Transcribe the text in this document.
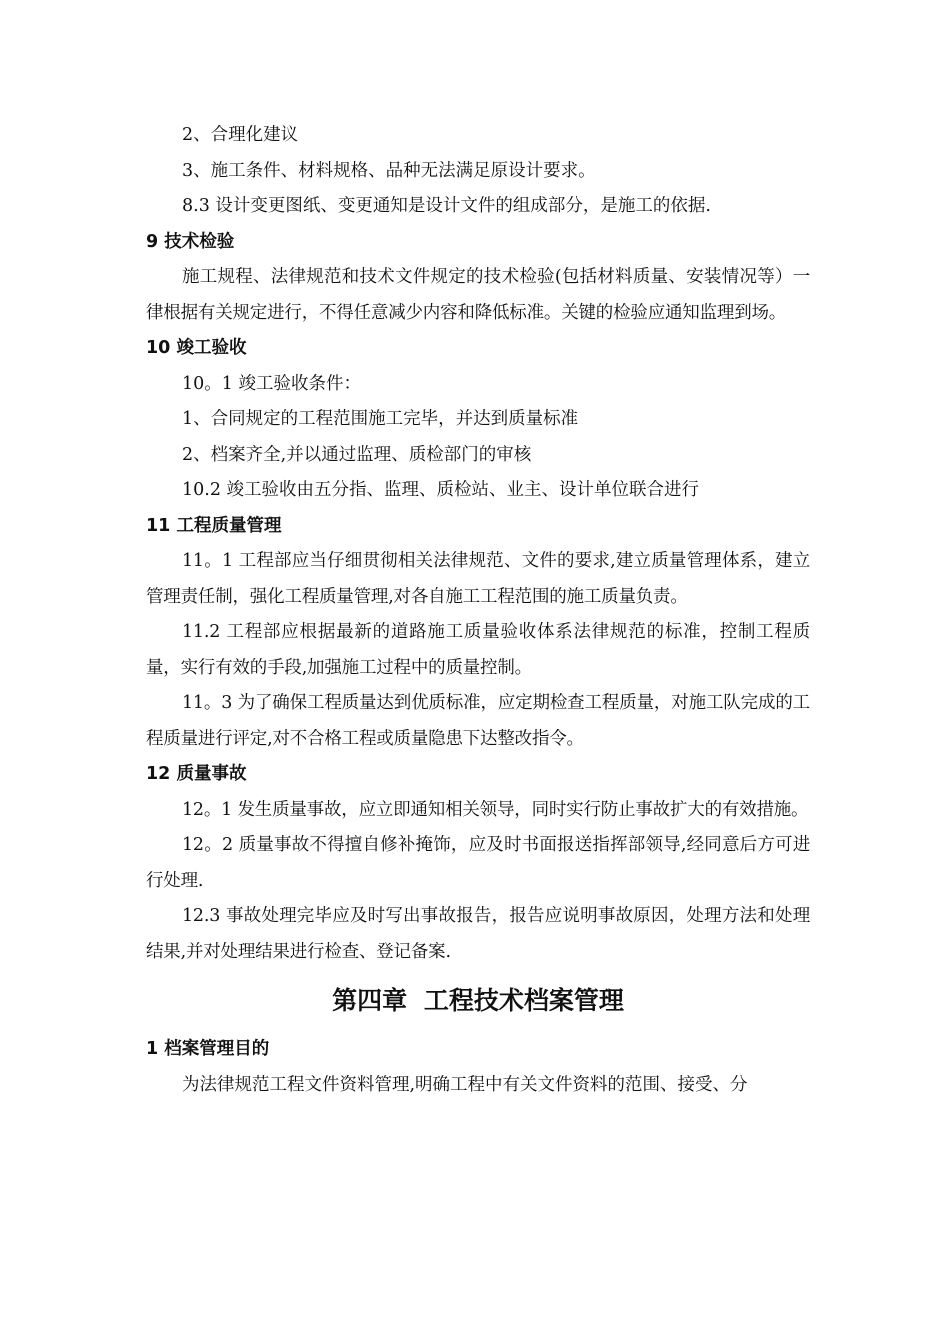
2、合理化建议

3、施工条件、材料规格、品种无法满足原设计要求。

8.3 设计变更图纸、变更通知是设计文件的组成部分，是施工的依据.

9 技术检验

施工规程、法律规范和技术文件规定的技术检验(包括材料质量、安装情况等）一律根据有关规定进行，不得任意减少内容和降低标准。关键的检验应通知监理到场。

10 竣工验收

10。1 竣工验收条件：

1、合同规定的工程范围施工完毕，并达到质量标准

2、档案齐全,并以通过监理、质检部门的审核

10.2 竣工验收由五分指、监理、质检站、业主、设计单位联合进行

11 工程质量管理

11。1 工程部应当仔细贯彻相关法律规范、文件的要求,建立质量管理体系，建立管理责任制，强化工程质量管理,对各自施工工程范围的施工质量负责。

11.2 工程部应根据最新的道路施工质量验收体系法律规范的标准，控制工程质量，实行有效的手段,加强施工过程中的质量控制。

11。3 为了确保工程质量达到优质标准，应定期检查工程质量，对施工队完成的工程质量进行评定,对不合格工程或质量隐患下达整改指令。

12 质量事故

12。1 发生质量事故，应立即通知相关领导，同时实行防止事故扩大的有效措施。

12。2 质量事故不得擅自修补掩饰，应及时书面报送指挥部领导,经同意后方可进行处理.

12.3 事故处理完毕应及时写出事故报告，报告应说明事故原因，处理方法和处理结果,并对处理结果进行检查、登记备案.

第四章 工程技术档案管理

1 档案管理目的

为法律规范工程文件资料管理,明确工程中有关文件资料的范围、接受、分
